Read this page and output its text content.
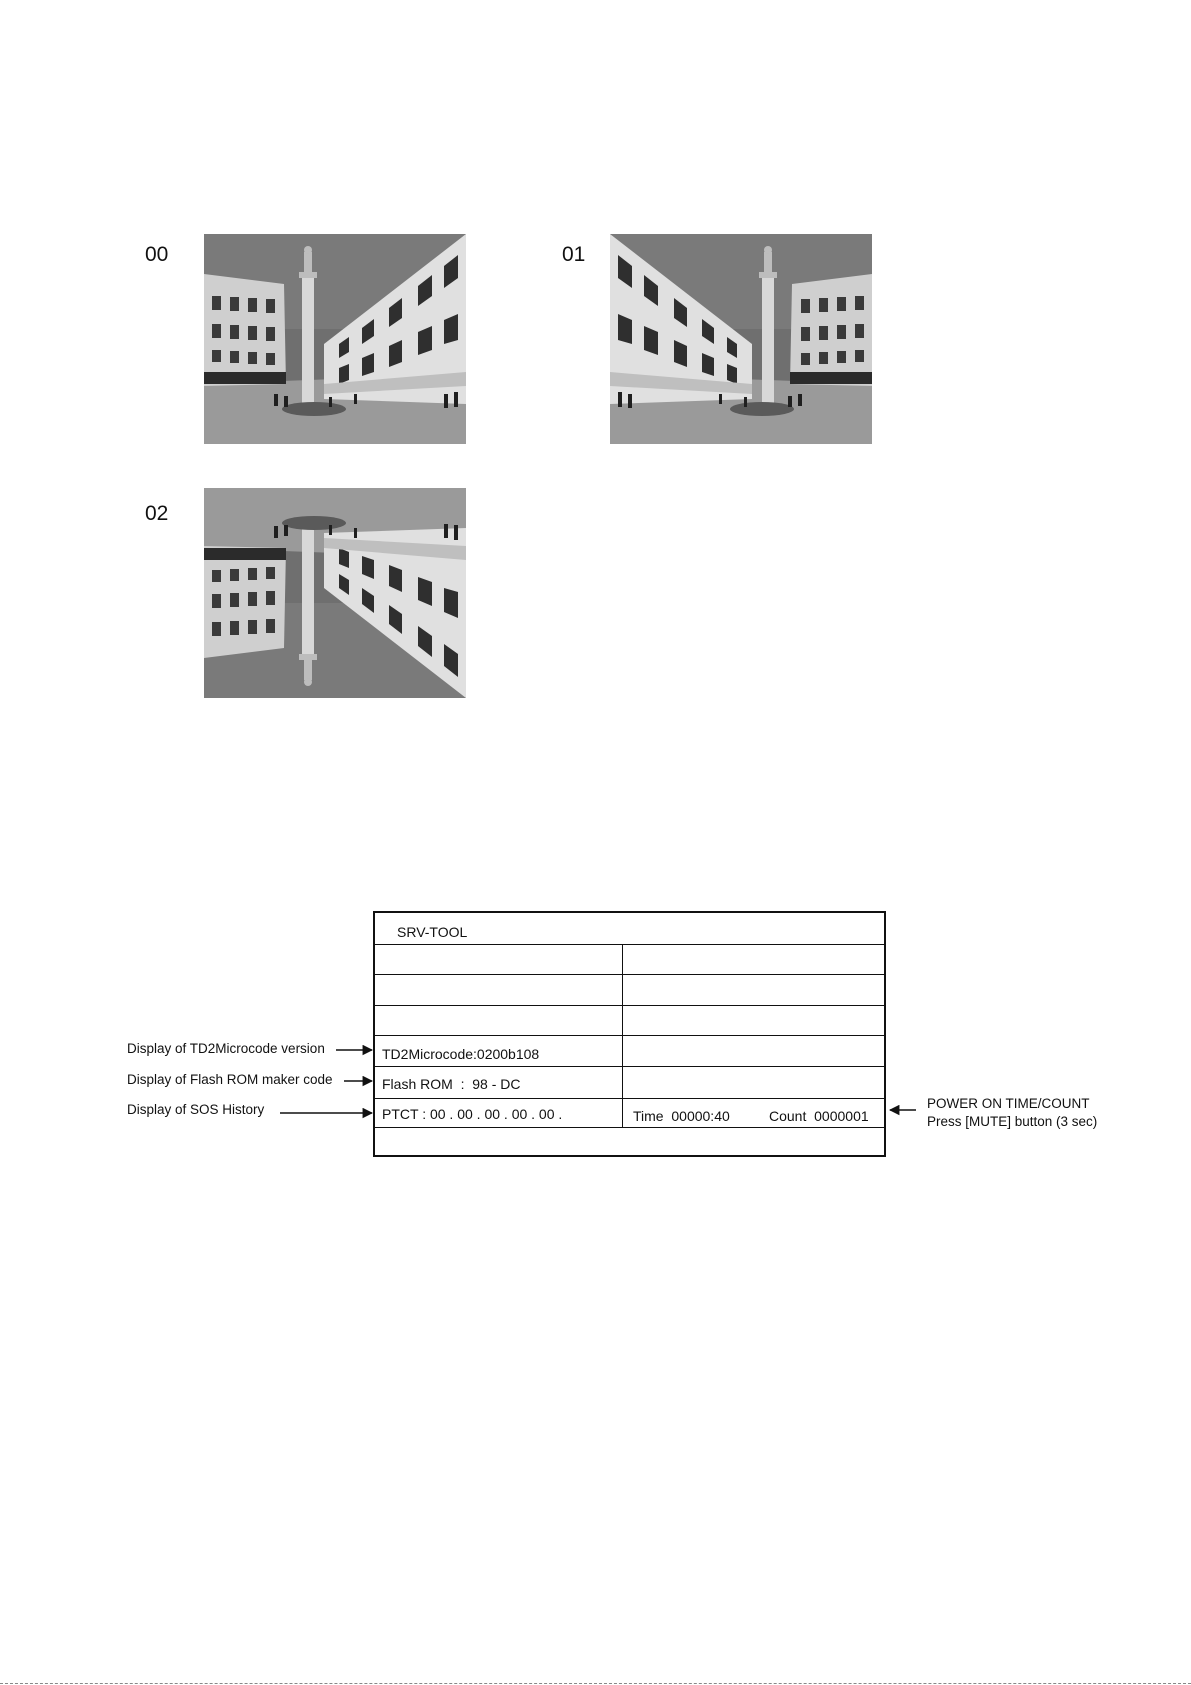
00	01
02
SRV-TOOL
TD2Microcode:0200b108
Flash ROM  :  98 - DC
PTCT : 00 . 00 . 00 . 00 . 00 .	Time  00000:40	Count  0000001
Display of TD2Microcode version
Display of Flash ROM maker code
Display of SOS History	POWER ON TIME/COUNT
Press [MUTE] button (3 sec)
